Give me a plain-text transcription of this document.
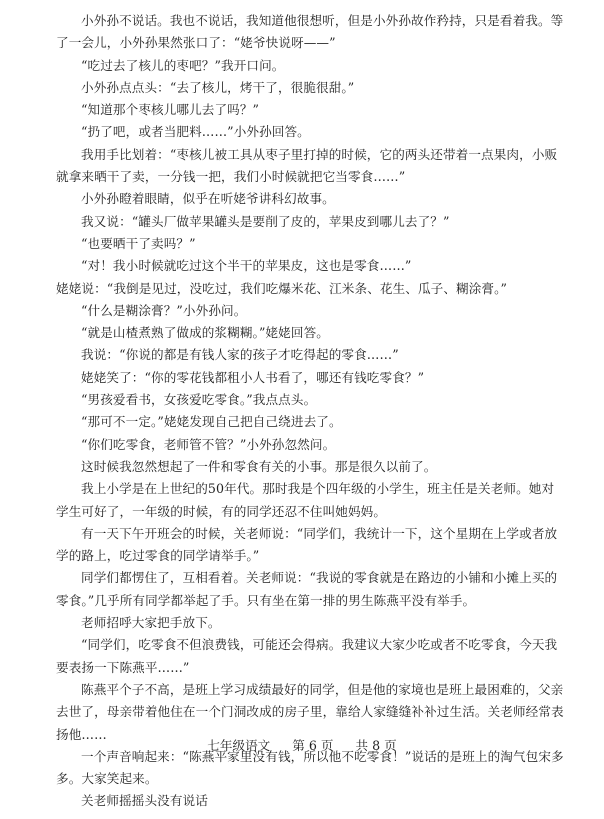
小外孙不说话。我也不说话，我知道他很想听，但是小外孙故作矜持，只是看着我。等了一会儿，小外孙果然张口了：“姥爷快说呀——”

“吃过去了核儿的枣吧？”我开口问。

小外孙点点头：“去了核儿，烤干了，很脆很甜。”

“知道那个枣核儿哪儿去了吗？”

“扔了吧，或者当肥料……”小外孙回答。

我用手比划着：“枣核儿被工具从枣子里打掉的时候，它的两头还带着一点果肉，小贩就拿来晒干了卖，一分钱一把，我们小时候就把它当零食……”

小外孙瞪着眼睛，似乎在听姥爷讲科幻故事。

我又说：“罐头厂做苹果罐头是要削了皮的，苹果皮到哪儿去了？”

“也要晒干了卖吗？”

“对！我小时候就吃过这个半干的苹果皮，这也是零食……”

姥姥说：“我倒是见过，没吃过，我们吃爆米花、江米条、花生、瓜子、糊涂膏。”

“什么是糊涂膏？”小外孙问。

“就是山楂煮熟了做成的浆糊糊。”姥姥回答。

我说：“你说的都是有钱人家的孩子才吃得起的零食……”

姥姥笑了：“你的零花钱都租小人书看了，哪还有钱吃零食？”

“男孩爱看书，女孩爱吃零食。”我点点头。

“那可不一定。”姥姥发现自己把自己绕进去了。

“你们吃零食，老师管不管？”小外孙忽然问。

这时候我忽然想起了一件和零食有关的小事。那是很久以前了。

我上小学是在上世纪的50年代。那时我是个四年级的小学生，班主任是关老师。她对学生可好了，一年级的时候，有的同学还忍不住叫她妈妈。

有一天下午开班会的时候，关老师说：“同学们，我统计一下，这个星期在上学或者放学的路上，吃过零食的同学请举手。”

同学们都愣住了，互相看着。关老师说：“我说的零食就是在路边的小铺和小摊上买的零食。”几乎所有同学都举起了手。只有坐在第一排的男生陈燕平没有举手。

老师招呼大家把手放下。

“同学们，吃零食不但浪费钱，可能还会得病。我建议大家少吃或者不吃零食，今天我要表扬一下陈燕平……”

陈燕平个子不高，是班上学习成绩最好的同学，但是他的家境也是班上最困难的，父亲去世了，母亲带着他住在一个门洞改成的房子里，靠给人家缝缝补补过生活。关老师经常表扬他……

一个声音响起来：“陈燕平家里没有钱，所以他不吃零食！”说话的是班上的淘气包宋多多。大家笑起来。

关老师摇摇头没有说话

七年级语文 第 6 页 共 8 页
